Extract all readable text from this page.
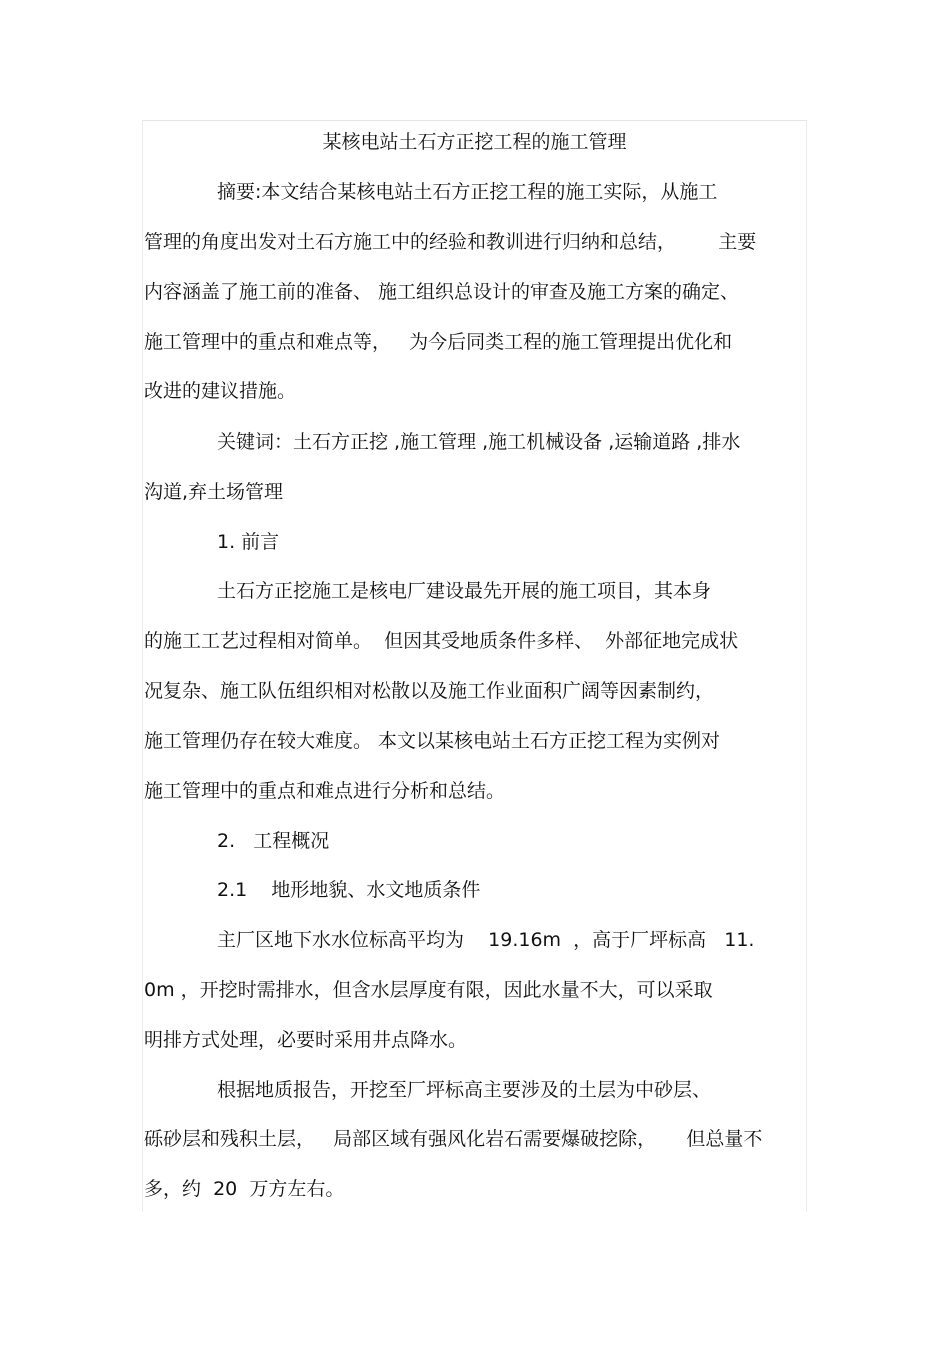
某核电站土石方正挖工程的施工管理
摘要:本文结合某核电站土石方正挖工程的施工实际，从施工
管理的角度出发对土石方施工中的经验和教训进行归纳和总结，       主要
内容涵盖了施工前的准备、 施工组织总设计的审查及施工方案的确定、
施工管理中的重点和难点等，   为今后同类工程的施工管理提出优化和
改进的建议措施。
关键词：土石方正挖 ,施工管理 ,施工机械设备 ,运输道路 ,排水
沟道,弃土场管理
1. 前言
土石方正挖施工是核电厂建设最先开展的施工项目，其本身
的施工工艺过程相对简单。  但因其受地质条件多样、  外部征地完成状
况复杂、施工队伍组织相对松散以及施工作业面积广阔等因素制约，
施工管理仍存在较大难度。 本文以某核电站土石方正挖工程为实例对
施工管理中的重点和难点进行分析和总结。
2.   工程概况
2.1    地形地貌、水文地质条件
主厂区地下水水位标高平均为    19.16m  ，高于厂坪标高   11.
0m ，开挖时需排水，但含水层厚度有限，因此水量不大，可以采取
明排方式处理，必要时采用井点降水。
根据地质报告，开挖至厂坪标高主要涉及的土层为中砂层、
砾砂层和残积土层，   局部区域有强风化岩石需要爆破挖除，     但总量不
多，约  20  万方左右。
